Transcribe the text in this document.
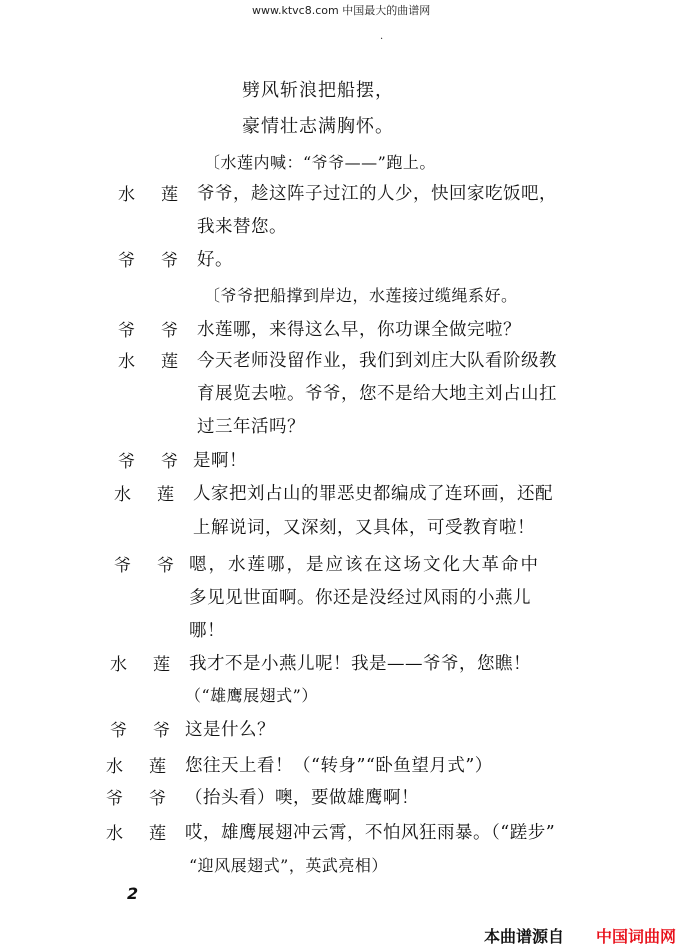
www.ktvc8.com 中国最大的曲谱网
·
劈风斩浪把船摆，
豪情壮志满胸怀。
〔水莲内喊：“爷爷——”跑上。
水莲
爷爷，趁这阵子过江的人少，快回家吃饭吧，
我来替您。
爷爷
好。
〔爷爷把船撑到岸边，水莲接过缆绳系好。
爷爷
水莲哪，来得这么早，你功课全做完啦？
水莲
今天老师没留作业，我们到刘庄大队看阶级教
育展览去啦。爷爷，您不是给大地主刘占山扛
过三年活吗？
爷爷
是啊！
水莲
人家把刘占山的罪恶史都编成了连环画，还配
上解说词，又深刻，又具体，可受教育啦！
爷爷
嗯，水莲哪，是应该在这场文化大革命中
多见见世面啊。你还是没经过风雨的小燕儿
哪！
水莲
我才不是小燕儿呢！我是——爷爷，您瞧！
（“雄鹰展翅式”）
爷爷
这是什么？
水莲
您往天上看！（“转身”“卧鱼望月式”）
爷爷
（抬头看）噢，要做雄鹰啊！
水莲
哎，雄鹰展翅冲云霄，不怕风狂雨暴。（“蹉步”
“迎风展翅式”，英武亮相）
2
本曲谱源自 中国词曲网
